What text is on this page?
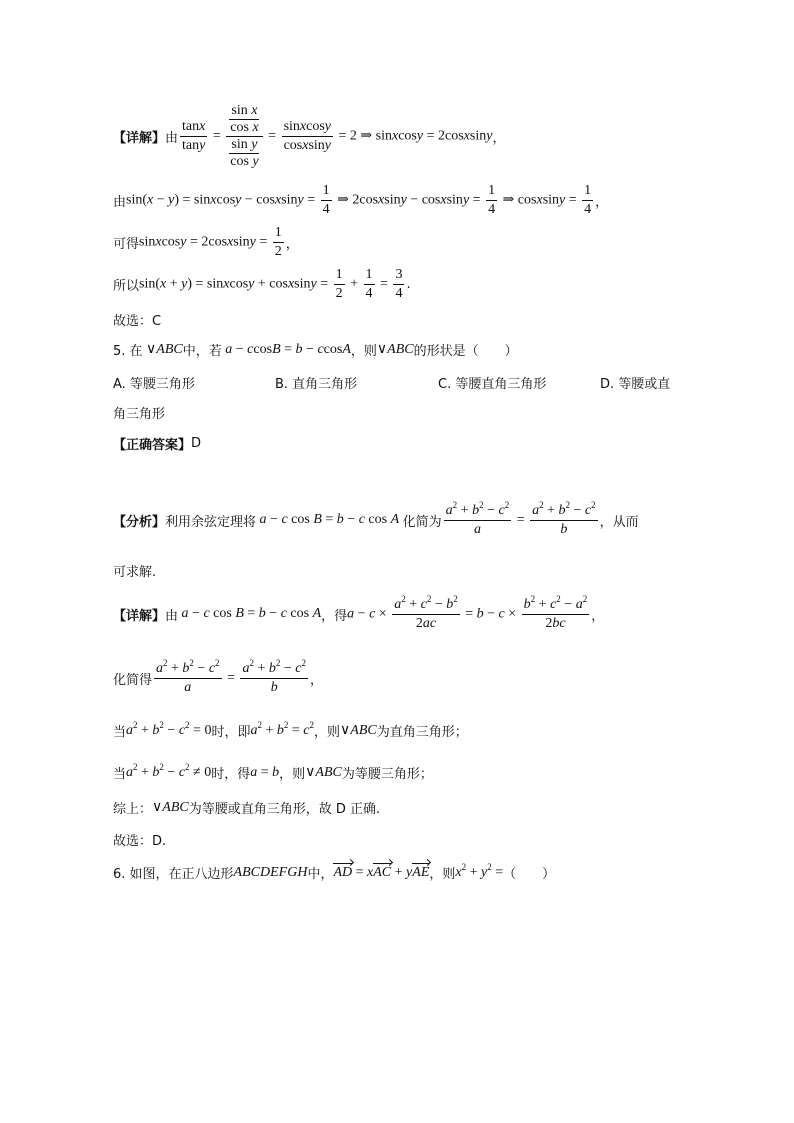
【详解】 由 $\frac{\tan x}{\tan y} = \frac{\frac{\text{sin x}}{\text{cos x}}}{\frac{\text{sin y}}{\text{cos y}}} = \frac{\text{sinxcosy}}{\text{cosxsiny}} = 2$ ⇒ sinxcosy = 2cosxsiny ，
由 sin(x − y) = sinxcosy − cosxsiny = $\frac{1}{4}$ ⇒ 2cosxsiny − cosxsiny = $\frac{1}{4}$ ⇒ cosxsiny = $\frac{1}{4}$ ，
可得 sinxcosy = 2cosxsiny = $\frac{1}{2}$ ，
所以 sin(x + y) = sinxcosy + cosxsiny = $\frac{1}{2} + \frac{1}{4} = \frac{3}{4}$ .
故选：C
5. 在 ∨ABC 中，若 a − ccosB = b − ccosA ，则 ∨ABC 的形状是（　　）
A. 等腰三角形	B. 直角三角形	C. 等腰直角三角形	D. 等腰或直
角三角形
【正确答案】 D
【分析】 利用余弦定理将 a − c cos B = b − c cos A 化简为 $\frac{a^2 + b^2 - c^2}{a} = \frac{a^2 + b^2 - c^2}{b}$ ，从而
可求解.
【详解】 由 a − c cos B = b − c cos A ，得 $a - c \times \frac{a^2 + c^2 - b^2}{2ac} = b - c \times \frac{b^2 + c^2 - a^2}{2bc}$ ，
化简得 $\frac{a^2 + b^2 - c^2}{a} = \frac{a^2 + b^2 - c^2}{b}$ ，
当 $a^2 + b^2 - c^2 = 0$ 时，即 $a^2 + b^2 = c^2$
，则 ∨ABC 为直角三角形；
当 $a^2 + b^2 - c^2 \ne 0$ 时，得 a = b ，则 ∨ABC 为等腰三角形；
综上： ∨ABC 为等腰或直角三角形，故 D 正确.
故选：D.
6. 如图，在正八边形 ABCDEFGH 中， AD = xAC + yAE ，则 $x^2 + y^2$ = （　　）
